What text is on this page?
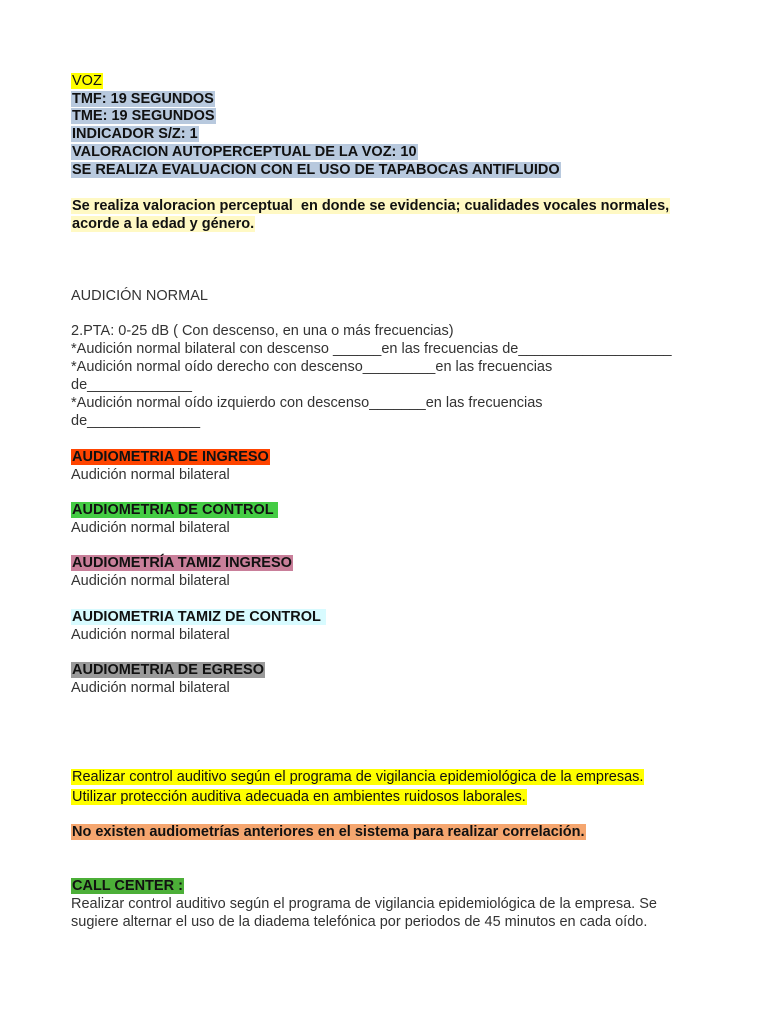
VOZ
TMF: 19 SEGUNDOS
TME: 19 SEGUNDOS
INDICADOR S/Z: 1
VALORACION AUTOPERCEPTUAL DE LA VOZ: 10
SE REALIZA EVALUACION CON EL USO DE TAPABOCAS ANTIFLUIDO
Se realiza valoracion perceptual  en donde se evidencia; cualidades vocales normales,
acorde a la edad y género.
AUDICIÓN NORMAL
2.PTA: 0-25 dB ( Con descenso, en una o más frecuencias)
*Audición normal bilateral con descenso ______en las frecuencias de___________________
*Audición normal oído derecho con descenso_________en las frecuencias
de_____________
*Audición normal oído izquierdo con descenso_______en las frecuencias
de______________
AUDIOMETRIA DE INGRESO
Audición normal bilateral
AUDIOMETRIA DE CONTROL
Audición normal bilateral
AUDIOMETRÍA TAMIZ INGRESO
Audición normal bilateral
AUDIOMETRIA TAMIZ DE CONTROL
Audición normal bilateral
AUDIOMETRIA DE EGRESO
Audición normal bilateral
Realizar control auditivo según el programa de vigilancia epidemiológica de la empresas.
Utilizar protección auditiva adecuada en ambientes ruidosos laborales.
No existen audiometrías anteriores en el sistema para realizar correlación.
CALL CENTER :
Realizar control auditivo según el programa de vigilancia epidemiológica de la empresa. Se
sugiere alternar el uso de la diadema telefónica por periodos de 45 minutos en cada oído.
